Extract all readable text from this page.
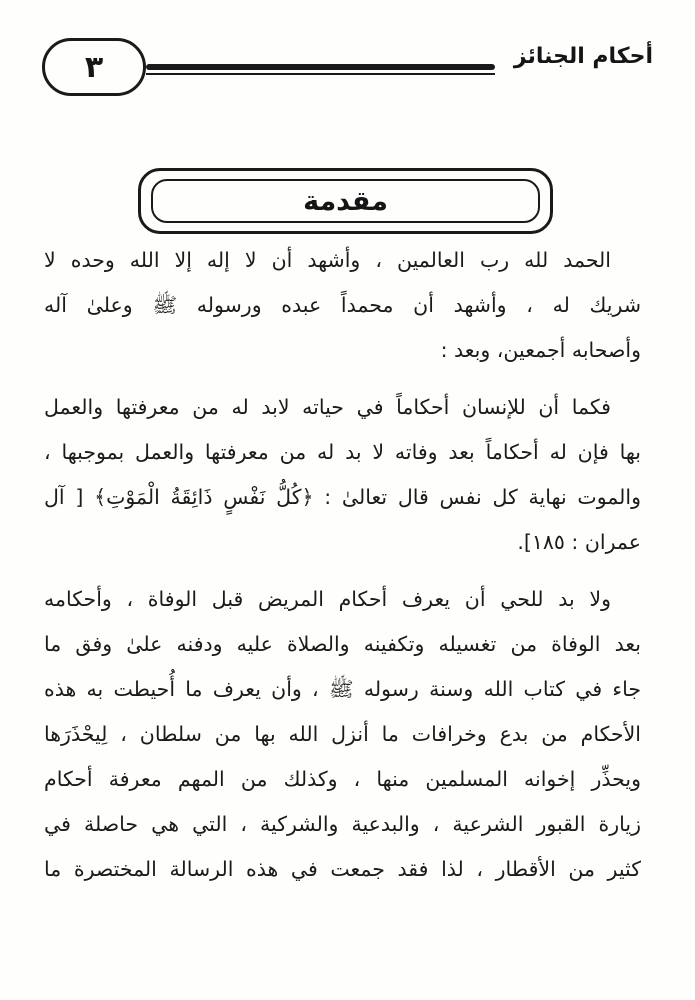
أحكام الجنائز
٣
مقدمة
الحمد لله رب العالمين ، وأشهد أن لا إله إلا الله وحده لا
شريك له ، وأشهد أن محمداً عبده ورسوله ﷺ وعلىٰ آله
وأصحابه أجمعين، وبعد :
فكما أن للإنسان أحكاماً في حياته لابد له من معرفتها والعمل
بها فإن له أحكاماً بعد وفاته لا بد له من معرفتها والعمل بموجبها ،
والموت نهاية كل نفس قال تعالىٰ : ﴿كُلُّ نَفْسٍ ذَائِقَةُ الْمَوْتِ﴾ [ آل
عمران : ١٨٥].
ولا بد للحي أن يعرف أحكام المريض قبل الوفاة ، وأحكامه
بعد الوفاة من تغسيله وتكفينه والصلاة عليه ودفنه علىٰ وفق ما
جاء في كتاب الله وسنة رسوله ﷺ ، وأن يعرف ما أُحيطت به هذه
الأحكام من بدع وخرافات ما أنزل الله بها من سلطان ، لِيحْذَرَها
ويحذِّر إخوانه المسلمين منها ، وكذلك من المهم معرفة أحكام
زيارة القبور الشرعية ، والبدعية والشركية ، التي هي حاصلة في
كثير من الأقطار ، لذا فقد جمعت في هذه الرسالة المختصرة ما
